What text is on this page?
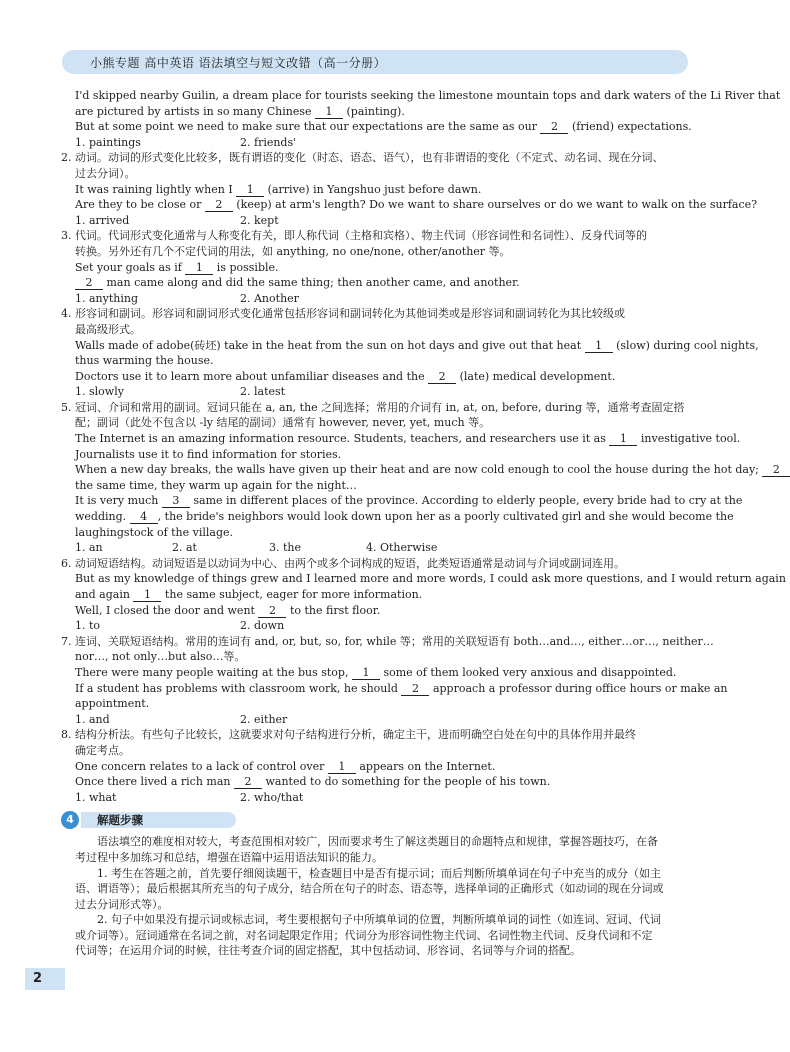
小熊专题 高中英语 语法填空与短文改错（高一分册）
I'd skipped nearby Guilin, a dream place for tourists seeking the limestone mountain tops and dark waters of the Li River that
are pictured by artists in so many Chinese 1 (painting).
But at some point we need to make sure that our expectations are the same as our 2 (friend) expectations.
1. paintings	2. friends'
2. 动词。动词的形式变化比较多，既有谓语的变化（时态、语态、语气），也有非谓语的变化（不定式、动名词、现在分词、
过去分词）。
It was raining lightly when I 1 (arrive) in Yangshuo just before dawn.
Are they to be close or 2 (keep) at arm's length? Do we want to share ourselves or do we want to walk on the surface?
1. arrived	2. kept
3. 代词。代词形式变化通常与人称变化有关，即人称代词（主格和宾格）、物主代词（形容词性和名词性）、反身代词等的
转换。另外还有几个不定代词的用法，如 anything, no one/none, other/another 等。
Set your goals as if 1 is possible.
2 man came along and did the same thing; then another came, and another.
1. anything	2. Another
4. 形容词和副词。形容词和副词形式变化通常包括形容词和副词转化为其他词类或是形容词和副词转化为其比较级或
最高级形式。
Walls made of adobe(砖坯) take in the heat from the sun on hot days and give out that heat 1 (slow) during cool nights,
thus warming the house.
Doctors use it to learn more about unfamiliar diseases and the 2 (late) medical development.
1. slowly	2. latest
5. 冠词、介词和常用的副词。冠词只能在 a, an, the 之间选择；常用的介词有 in, at, on, before, during 等，通常考查固定搭
配；副词（此处不包含以 -ly 结尾的副词）通常有 however, never, yet, much 等。
The Internet is an amazing information resource. Students, teachers, and researchers use it as 1 investigative tool.
Journalists use it to find information for stories.
When a new day breaks, the walls have given up their heat and are now cold enough to cool the house during the hot day; 2
the same time, they warm up again for the night…
It is very much 3 same in different places of the province. According to elderly people, every bride had to cry at the
wedding. 4 , the bride's neighbors would look down upon her as a poorly cultivated girl and she would become the
laughingstock of the village.
1. an	2. at	3. the	4. Otherwise
6. 动词短语结构。动词短语是以动词为中心、由两个或多个词构成的短语，此类短语通常是动词与介词或副词连用。
But as my knowledge of things grew and I learned more and more words, I could ask more questions, and I would return again
and again 1 the same subject, eager for more information.
Well, I closed the door and went 2 to the first floor.
1. to	2. down
7. 连词、关联短语结构。常用的连词有 and, or, but, so, for, while 等；常用的关联短语有 both…and…, either…or…, neither…
nor…, not only…but also…等。
There were many people waiting at the bus stop, 1 some of them looked very anxious and disappointed.
If a student has problems with classroom work, he should 2 approach a professor during office hours or make an
appointment.
1. and	2. either
8. 结构分析法。有些句子比较长，这就要求对句子结构进行分析，确定主干，进而明确空白处在句中的具体作用并最终
确定考点。
One concern relates to a lack of control over 1 appears on the Internet.
Once there lived a rich man 2 wanted to do something for the people of his town.
1. what	2. who/that
解题步骤
4
语法填空的难度相对较大，考查范围相对较广，因而要求考生了解这类题目的命题特点和规律，掌握答题技巧，在备
考过程中多加练习和总结，增强在语篇中运用语法知识的能力。
1. 考生在答题之前，首先要仔细阅读题干，检查题目中是否有提示词；而后判断所填单词在句子中充当的成分（如主
语、谓语等）；最后根据其所充当的句子成分，结合所在句子的时态、语态等，选择单词的正确形式（如动词的现在分词或
过去分词形式等）。
2. 句子中如果没有提示词或标志词，考生要根据句子中所填单词的位置，判断所填单词的词性（如连词、冠词、代词
或介词等）。冠词通常在名词之前，对名词起限定作用；代词分为形容词性物主代词、名词性物主代词、反身代词和不定
代词等；在运用介词的时候，往往考查介词的固定搭配，其中包括动词、形容词、名词等与介词的搭配。
2
